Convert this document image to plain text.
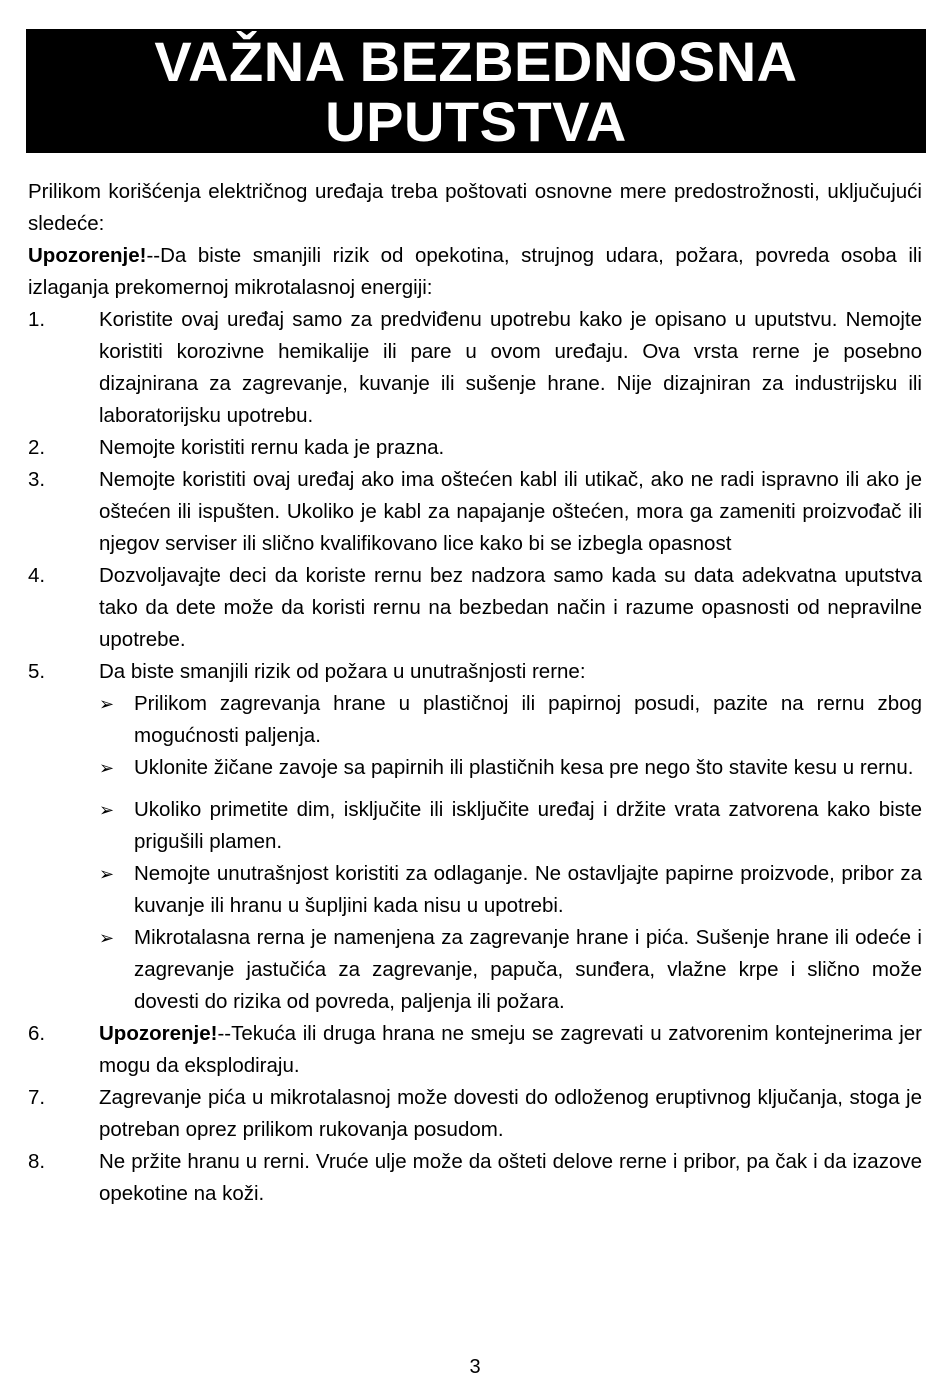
VAŽNA BEZBEDNOSNA
UPUTSTVA

Prilikom korišćenja električnog uređaja treba poštovati osnovne mere predostrožnosti, uključujući sledeće:

Upozorenje!--Da biste smanjili rizik od opekotina, strujnog udara, požara, povreda osoba ili izlaganja prekomernoj mikrotalasnoj energiji:

1.	Koristite ovaj uređaj samo za predviđenu upotrebu kako je opisano u uputstvu. Nemojte koristiti korozivne hemikalije ili pare u ovom uređaju. Ova vrsta rerne je posebno dizajnirana za zagrevanje, kuvanje ili sušenje hrane. Nije dizajniran za industrijsku ili laboratorijsku upotrebu.
2.	Nemojte koristiti rernu kada je prazna.
3.	Nemojte koristiti ovaj uređaj ako ima oštećen kabl ili utikač, ako ne radi ispravno ili ako je oštećen ili ispušten. Ukoliko je kabl za napajanje oštećen, mora ga zameniti proizvođač ili njegov serviser ili slično kvalifikovano lice kako bi se izbegla opasnost
4.	Dozvoljavajte deci da koriste rernu bez nadzora samo kada su data adekvatna uputstva tako da dete može da koristi rernu na bezbedan način i razume opasnosti od nepravilne upotrebe.
5.	Da biste smanjili rizik od požara u unutrašnjosti rerne:
➢ Prilikom zagrevanja hrane u plastičnoj ili papirnoj posudi, pazite na rernu zbog mogućnosti paljenja.
➢ Uklonite žičane zavoje sa papirnih ili plastičnih kesa pre nego što stavite kesu u rernu.
➢ Ukoliko primetite dim, isključite ili isključite uređaj i držite vrata zatvorena kako biste prigušili plamen.
➢ Nemojte unutrašnjost koristiti za odlaganje. Ne ostavljajte papirne proizvode, pribor za kuvanje ili hranu u šupljini kada nisu u upotrebi.
➢ Mikrotalasna rerna je namenjena za zagrevanje hrane i pića. Sušenje hrane ili odeće i zagrevanje jastučića za zagrevanje, papuča, sunđera, vlažne krpe i slično može dovesti do rizika od povreda, paljenja ili požara.
6.	Upozorenje!--Tekuća ili druga hrana ne smeju se zagrevati u zatvorenim kontejnerima jer mogu da eksplodiraju.
7.	Zagrevanje pića u mikrotalasnoj može dovesti do odloženog eruptivnog ključanja, stoga je potreban oprez prilikom rukovanja posudom.
8.	Ne pržite hranu u rerni. Vruće ulje može da ošteti delove rerne i pribor, pa čak i da izazove opekotine na koži.
3
